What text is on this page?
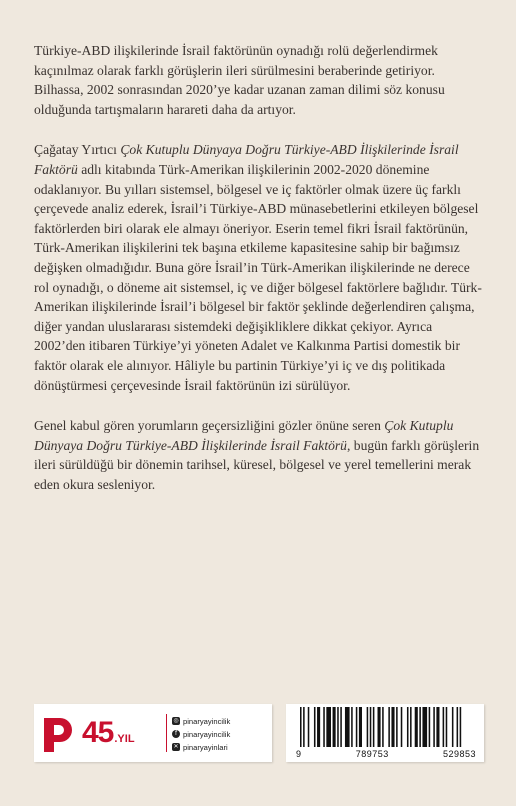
Türkiye-ABD ilişkilerinde İsrail faktörünün oynadığı rolü değerlendirmek kaçınılmaz olarak farklı görüşlerin ileri sürülmesini beraberinde getiriyor. Bilhassa, 2002 sonrasından 2020’ye kadar uzanan zaman dilimi söz konusu olduğunda tartışmaların harareti daha da artıyor.

Çağatay Yırtıcı Çok Kutuplu Dünyaya Doğru Türkiye-ABD İlişkilerinde İsrail Faktörü adlı kitabında Türk-Amerikan ilişkilerinin 2002-2020 dönemine odaklanıyor. Bu yılları sistemsel, bölgesel ve iç faktörler olmak üzere üç farklı çerçevede analiz ederek, İsrail’i Türkiye-ABD münasebetlerini etkileyen bölgesel faktörlerden biri olarak ele almayı öneriyor. Eserin temel fikri İsrail faktörünün, Türk-Amerikan ilişkilerini tek başına etkileme kapasitesine sahip bir bağımsız değişken olmadığıdır. Buna göre İsrail’in Türk-Amerikan ilişkilerinde ne derece rol oynadığı, o döneme ait sistemsel, iç ve diğer bölgesel faktörlere bağlıdır. Türk-Amerikan ilişkilerinde İsrail’i bölgesel bir faktör şeklinde değerlendiren çalışma, diğer yandan uluslararası sistemdeki değişikliklere dikkat çekiyor. Ayrıca 2002’den itibaren Türkiye’yi yöneten Adalet ve Kalkınma Partisi domestik bir faktör olarak ele alınıyor. Hâliyle bu partinin Türkiye’yi iç ve dış politikada dönüştürmesi çerçevesinde İsrail faktörünün izi sürülüyor.

Genel kabul gören yorumların geçersizliğini gözler önüne seren Çok Kutuplu Dünyaya Doğru Türkiye-ABD İlişkilerinde İsrail Faktörü, bugün farklı görüşlerin ileri sürüldüğü bir dönemin tarihsel, küresel, bölgesel ve yerel temellerini merak eden okura sesleniyor.

45.YIL
◎ pinaryayincilik
f pinaryayincilik
✕ pinaryayinlari
9	789753	529853
